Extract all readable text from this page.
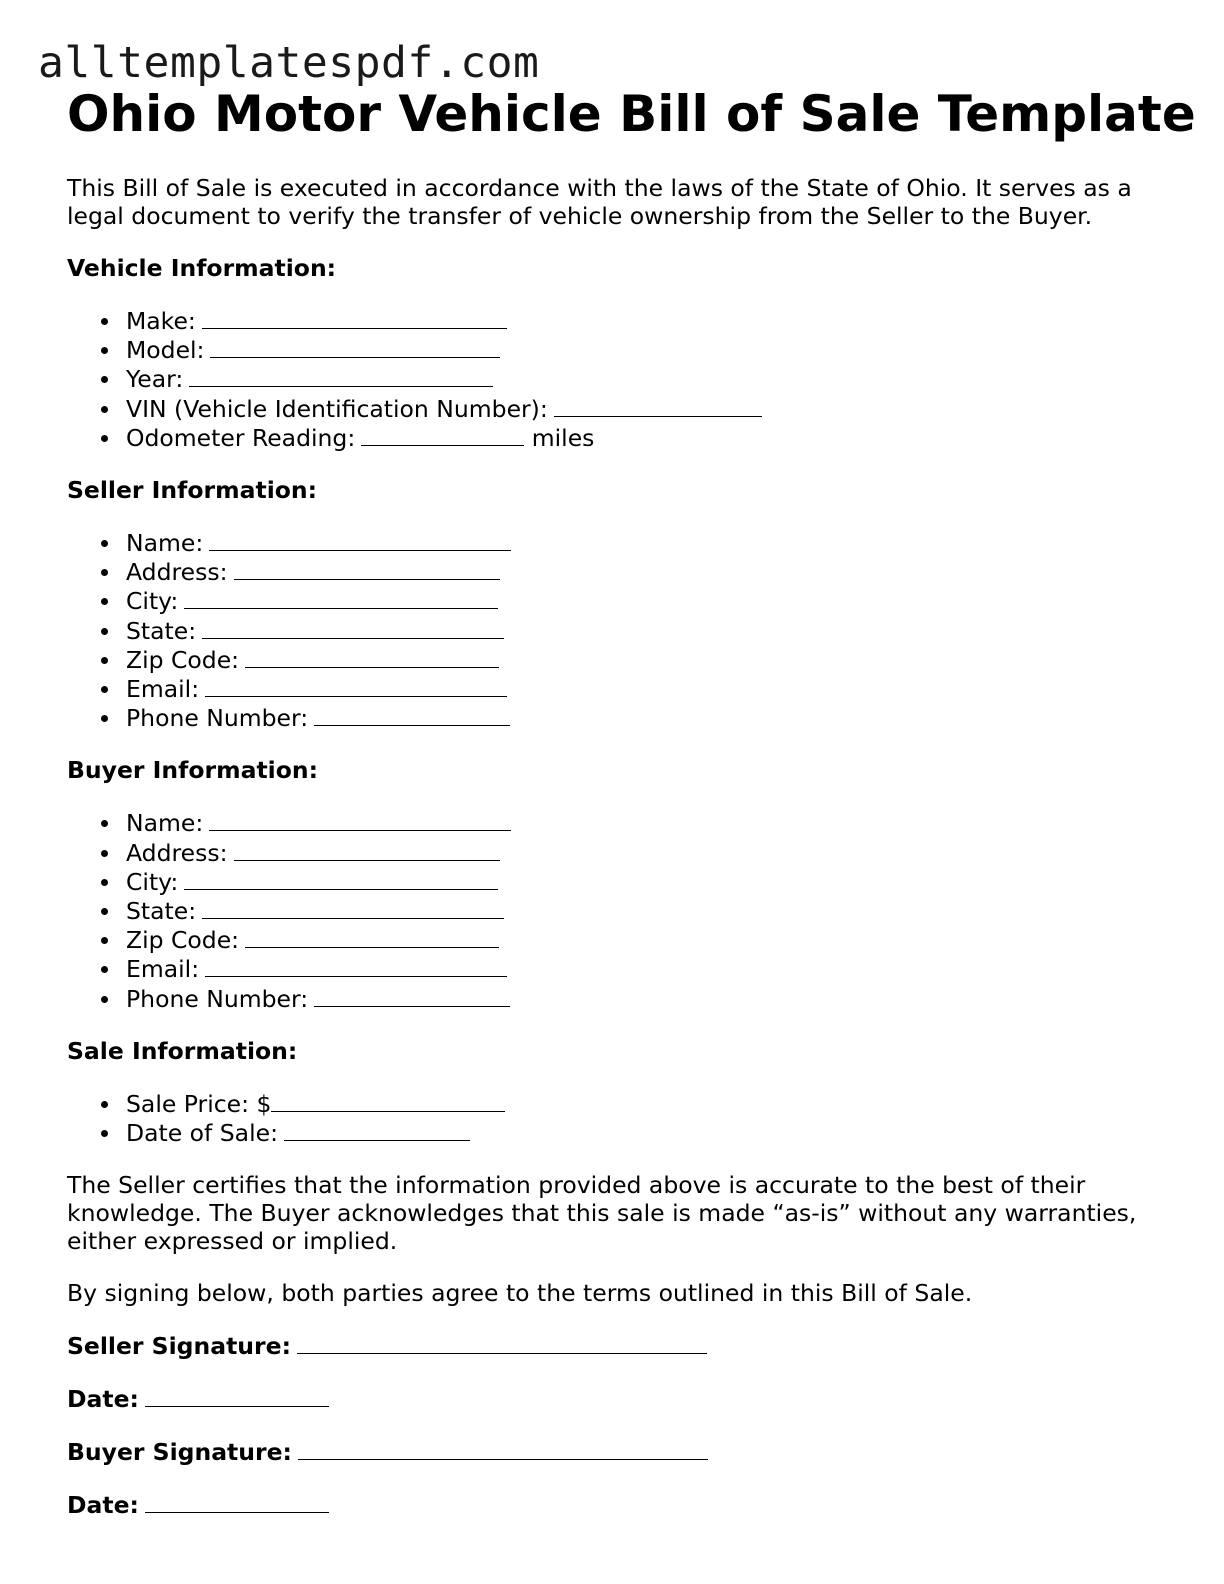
alltemplatespdf.com
Ohio Motor Vehicle Bill of Sale Template

This Bill of Sale is executed in accordance with the laws of the State of Ohio. It serves as a legal document to verify the transfer of vehicle ownership from the Seller to the Buyer.

Vehicle Information:
Make:
Model:
Year:
VIN (Vehicle Identification Number):
Odometer Reading:	miles
Seller Information:
Name:
Address:
City:
State:
Zip Code:
Email:
Phone Number:
Buyer Information:
Name:
Address:
City:
State:
Zip Code:
Email:
Phone Number:
Sale Information:
Sale Price: $
Date of Sale:

The Seller certifies that the information provided above is accurate to the best of their knowledge. The Buyer acknowledges that this sale is made “as-is” without any warranties, either expressed or implied.

By signing below, both parties agree to the terms outlined in this Bill of Sale.

Seller Signature:
Date:
Buyer Signature:
Date:
